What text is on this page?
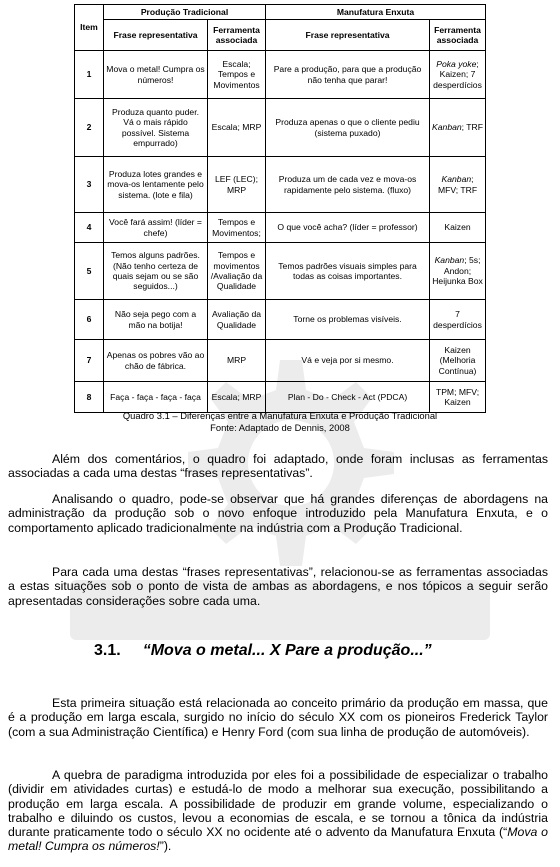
Item	Produção Tradicional		Manufatura Enxuta	
	Frase representativa	Ferramenta associada	Frase representativa	Ferramenta associada
1	Mova o metal! Cumpra os números!	Escala; Tempos e Movimentos	Pare a produção, para que a produção não tenha que parar!	Poka yoke; Kaizen; 7 desperdícios
2	Produza quanto puder. Vá o mais rápido possível. Sistema empurrado)	Escala; MRP	Produza apenas o que o cliente pediu (sistema puxado)	Kanban; TRF
3	Produza lotes grandes e mova-os lentamente pelo sistema. (lote e fila)	LEF (LEC); MRP	Produza um de cada vez e mova-os rapidamente pelo sistema. (fluxo)	Kanban; MFV; TRF
4	Você fará assim! (líder = chefe)	Tempos e Movimentos;	O que você acha? (líder = professor)	Kaizen
5	Temos alguns padrões. (Não tenho certeza de quais sejam ou se são seguidos...)	Tempos e movimentos /Avaliação da Qualidade	Temos padrões visuais simples para todas as coisas importantes.	Kanban; 5s; Andon; Heijunka Box
6	Não seja pego com a mão na botija!	Avaliação da Qualidade	Torne os problemas visíveis.	7 desperdícios
7	Apenas os pobres vão ao chão de fábrica.	MRP	Vá e veja por si mesmo.	Kaizen (Melhoria Contínua)
8	Faça - faça - faça - faça	Escala; MRP	Plan - Do - Check - Act (PDCA)	TPM; MFV; Kaizen
Quadro 3.1 – Diferenças entre a Manufatura Enxuta e Produção Tradicional
Fonte: Adaptado de Dennis, 2008

Além dos comentários, o quadro foi adaptado, onde foram inclusas as ferramentas associadas a cada uma destas “frases representativas”.

Analisando o quadro, pode-se observar que há grandes diferenças de abordagens na administração da produção sob o novo enfoque introduzido pela Manufatura Enxuta, e o comportamento aplicado tradicionalmente na indústria com a Produção Tradicional.

Para cada uma destas “frases representativas”, relacionou-se as ferramentas associadas a estas situações sob o ponto de vista de ambas as abordagens, e nos tópicos a seguir serão apresentadas considerações sobre cada uma.

3.1. “Mova o metal... X Pare a produção...”

Esta primeira situação está relacionada ao conceito primário da produção em massa, que é a produção em larga escala, surgido no início do século XX com os pioneiros Frederick Taylor (com a sua Administração Científica) e Henry Ford (com sua linha de produção de automóveis).

A quebra de paradigma introduzida por eles foi a possibilidade de especializar o trabalho (dividir em atividades curtas) e estudá-lo de modo a melhorar sua execução, possibilitando a produção em larga escala. A possibilidade de produzir em grande volume, especializando o trabalho e diluindo os custos, levou a economias de escala, e se tornou a tônica da indústria durante praticamente todo o século XX no ocidente até o advento da Manufatura Enxuta (“Mova o metal! Cumpra os números!”).
